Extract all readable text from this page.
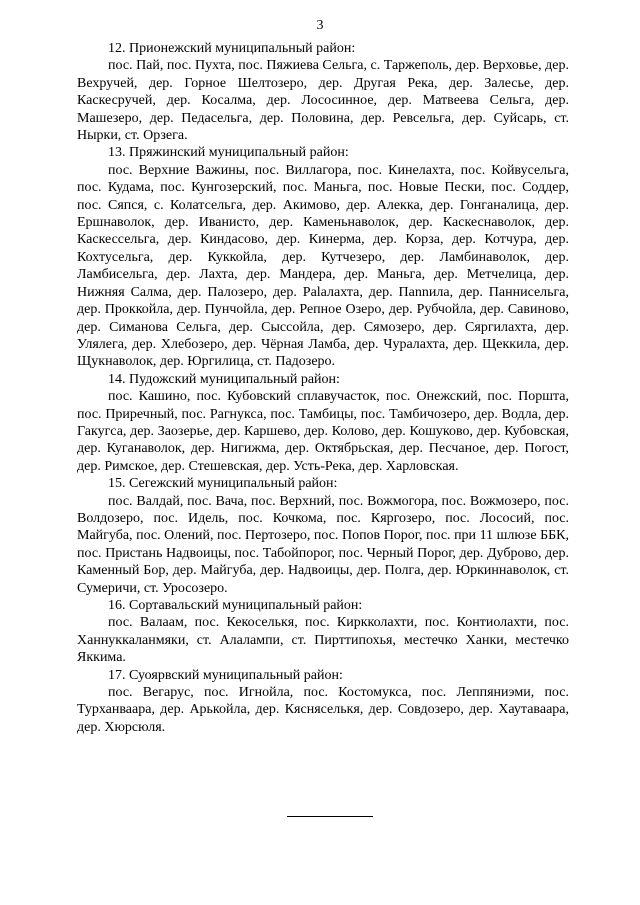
3

12. Прионежский муниципальный район:

пос. Пай, пос. Пухта, пос. Пяжиева Сельга, с. Таржеполь, дер. Верховье, дер. Вехручей, дер. Горное Шелтозеро, дер. Другая Река, дер. Залесье, дер. Каскесручей, дер. Косалма, дер. Лососинное, дер. Матвеева Сельга, дер. Машезеро, дер. Педасельга, дер. Половина, дер. Ревсельга, дер. Суйсарь, ст. Нырки, ст. Орзега.

13. Пряжинский муниципальный район:

пос. Верхние Важины, пос. Виллагора, пос. Кинелахта, пос. Койвусельга, пос. Кудама, пос. Кунгозерский, пос. Маньга, пос. Новые Пески, пос. Соддер, пос. Сяпся, с. Колатсельга, дер. Акимово, дер. Алекка, дер. Гонганалица, дер. Ершнаволок, дер. Иванисто, дер. Каменьнаволок, дер. Каскеснаволок, дер. Каскессельга, дер. Киндасово, дер. Кинерма, дер. Корза, дер. Котчура, дер. Кохтусельга, дер. Куккойла, дер. Кутчезеро, дер. Ламбинаволок, дер. Ламбисельга, дер. Лахта, дер. Мандера, дер. Маньга, дер. Метчелица, дер. Нижняя Салма, дер. Палозеро, дер. Palалахта, дер. Пannила, дер. Паннисельга, дер. Проккойла, дер. Пунчойла, дер. Репное Озеро, дер. Рубчойла, дер. Савиново, дер. Симанова Сельга, дер. Сыссойла, дер. Сямозеро, дер. Сяргилахта, дер. Улялега, дер. Хлебозеро, дер. Чёрная Ламба, дер. Чуралахта, дер. Щеккила, дер. Щукнаволок, дер. Юргилица, ст. Падозеро.

14. Пудожский муниципальный район:

пос. Кашино, пос. Кубовский сплавучасток, пос. Онежский, пос. Поршта, пос. Приречный, пос. Рагнукса, пос. Тамбицы, пос. Тамбичозеро, дер. Водла, дер. Гакугса, дер. Заозерье, дер. Каршево, дер. Колово, дер. Кошуково, дер. Кубовская, дер. Куганаволок, дер. Нигижма, дер. Октябрьская, дер. Песчаное, дер. Погост, дер. Римское, дер. Стешевская, дер. Усть-Река, дер. Харловская.

15. Сегежский муниципальный район:

пос. Валдай, пос. Вача, пос. Верхний, пос. Вожмогора, пос. Вожмозеро, пос. Волдозеро, пос. Идель, пос. Кочкома, пос. Кяргозеро, пос. Лососий, пос. Майгуба, пос. Олений, пос. Пертозеро, пос. Попов Порог, пос. при 11 шлюзе ББК, пос. Пристань Надвоицы, пос. Табойпорог, пос. Черный Порог, дер. Дуброво, дер. Каменный Бор, дер. Майгуба, дер. Надвоицы, дер. Полга, дер. Юркиннаволок, ст. Сумеричи, ст. Уросозеро.

16. Сортавальский муниципальный район:

пос. Валаам, пос. Кекоселькя, пос. Киркколахти, пос. Контиолахти, пос. Ханнуккаланмяки, ст. Алалампи, ст. Пирттипохья, местечко Ханки, местечко Яккима.

17. Суоярвский муниципальный район:

пос. Вегарус, пос. Игнойла, пос. Костомукса, пос. Леппяниэми, пос. Турханваара, дер. Арькойла, дер. Кясняселькя, дер. Совдозеро, дер. Хаутаваара, дер. Хюрсюля.
